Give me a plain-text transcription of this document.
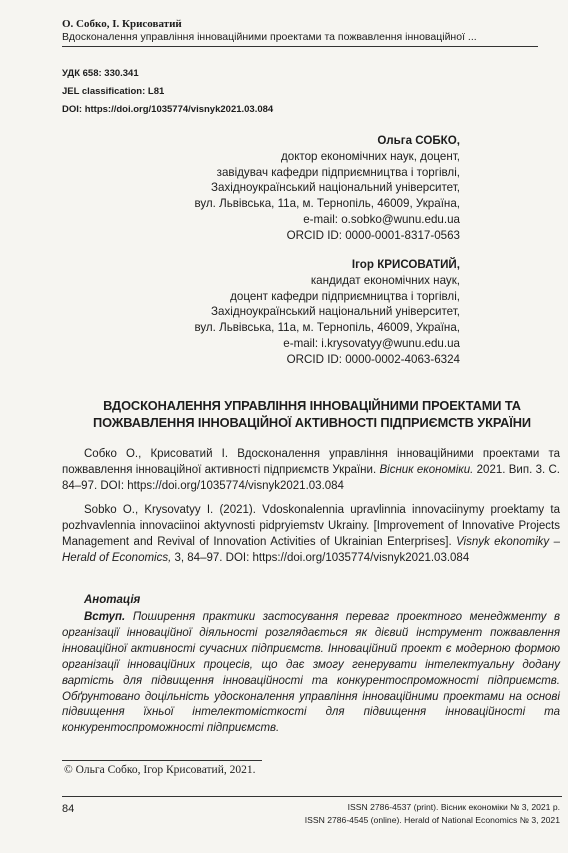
О. Собко, І. Крисоватий
Вдосконалення управління інноваційними проектами та пожвавлення інноваційної ...
УДК 658: 330.341
JEL classification: L81
DOI: https://doi.org/1035774/visnyk2021.03.084
Ольга СОБКО,
доктор економічних наук, доцент,
завідувач кафедри підприємництва і торгівлі,
Західноукраїнський національний університет,
вул. Львівська, 11а, м. Тернопіль, 46009, Україна,
e-mail: o.sobko@wunu.edu.ua
ORCID ID: 0000-0001-8317-0563
Ігор КРИСОВАТИЙ,
кандидат економічних наук,
доцент кафедри підприємництва і торгівлі,
Західноукраїнський національний університет,
вул. Львівська, 11а, м. Тернопіль, 46009, Україна,
e-mail: i.krysovatyy@wunu.edu.ua
ORCID ID: 0000-0002-4063-6324
ВДОСКОНАЛЕННЯ УПРАВЛІННЯ ІННОВАЦІЙНИМИ ПРОЕКТАМИ ТА
ПОЖВАВЛЕННЯ ІННОВАЦІЙНОЇ АКТИВНОСТІ ПІДПРИЄМСТВ УКРАЇНИ
Собко О., Крисоватий І. Вдосконалення управління інноваційними проектами та пожвавлення інноваційної активності підприємств України. Вісник економіки. 2021. Вип. 3. С. 84–97. DOI: https://doi.org/1035774/visnyk2021.03.084
Sobko O., Krysovatyy I. (2021). Vdoskonalennia upravlinnia innovaciinymy proektamy ta pozhvavlennia innovaciinoi aktyvnosti pidpryiemstv Ukrainy. [Improvement of Innovative Projects Management and Revival of Innovation Activities of Ukrainian Enterprises]. Visnyk ekonomiky – Herald of Economics, 3, 84–97. DOI: https://doi.org/1035774/visnyk2021.03.084
Анотація
Вступ. Поширення практики застосування переваг проектного менеджменту в організації інноваційної діяльності розглядається як дієвий інструмент пожвавлення інноваційної активності сучасних підприємств. Інноваційний проект є модерною формою організації інноваційних процесів, що дає змогу генерувати інтелектуальну додану вартість для підвищення інноваційності та конкурентоспроможності підприємств. Обґрунтовано доцільність удосконалення управління інноваційними проектами на основі підвищення їхньої інтелектомісткості для підвищення інноваційності та конкурентоспроможності підприємств.
© Ольга Собко, Ігор Крисоватий, 2021.
84	ISSN 2786-4537 (print). Вісник економіки № 3, 2021 р.
ISSN 2786-4545 (online). Herald of National Economics № 3, 2021
